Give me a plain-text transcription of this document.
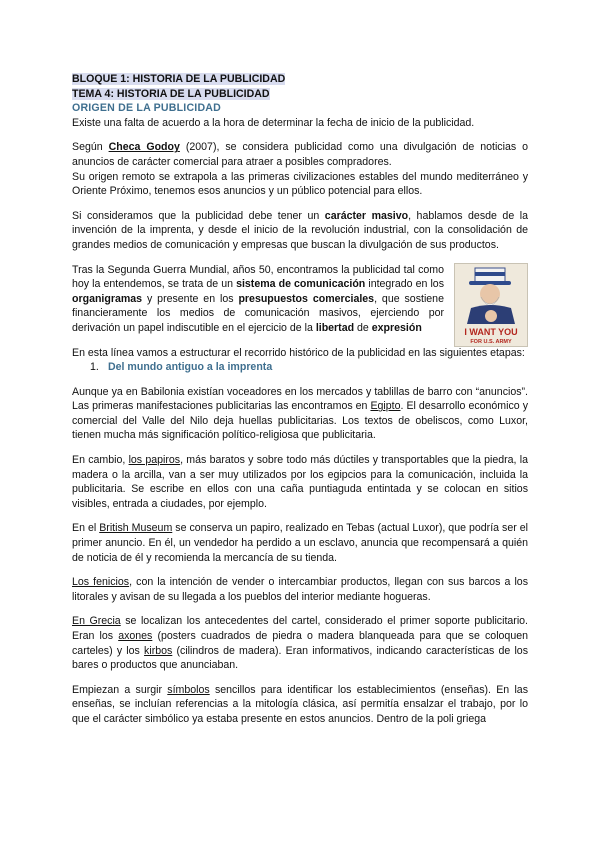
BLOQUE 1: HISTORIA DE LA PUBLICIDAD
TEMA 4: HISTORIA DE LA PUBLICIDAD
ORIGEN DE LA PUBLICIDAD

Existe una falta de acuerdo a la hora de determinar la fecha de inicio de la publicidad.

Según Checa Godoy (2007), se considera publicidad como una divulgación de noticias o anuncios de carácter comercial para atraer a posibles compradores.

Su origen remoto se extrapola a las primeras civilizaciones estables del mundo mediterráneo y Oriente Próximo, tenemos esos anuncios y un público potencial para ellos.

Si consideramos que la publicidad debe tener un carácter masivo, hablamos desde de la invención de la imprenta, y desde el inicio de la revolución industrial, con la consolidación de grandes medios de comunicación y empresas que buscan la divulgación de sus productos.

Tras la Segunda Guerra Mundial, años 50, encontramos la publicidad tal como hoy la entendemos, se trata de un sistema de comunicación integrado en los organigramas y presente en los presupuestos comerciales, que sostiene financieramente los medios de comunicación masivos, ejerciendo por derivación un papel indiscutible en el ejercicio de la libertad de expresión	I WANT YOU
FOR U.S. ARMY

En esta línea vamos a estructurar el recorrido histórico de la publicidad en las siguientes etapas:

1. Del mundo antiguo a la imprenta

Aunque ya en Babilonia existían voceadores en los mercados y tablillas de barro con “anuncios”. Las primeras manifestaciones publicitarias las encontramos en Egipto. El desarrollo económico y comercial del Valle del Nilo deja huellas publicitarias. Los textos de obeliscos, como Luxor, tienen mucha más significación político-religiosa que publicitaria.

En cambio, los papiros, más baratos y sobre todo más dúctiles y transportables que la piedra, la madera o la arcilla, van a ser muy utilizados por los egipcios para la comunicación, incluida la publicitaria. Se escribe en ellos con una caña puntiaguda entintada y se colocan en sitios visibles, entrada a ciudades, por ejemplo.

En el British Museum se conserva un papiro, realizado en Tebas (actual Luxor), que podría ser el primer anuncio. En él, un vendedor ha perdido a un esclavo, anuncia que recompensará a quién de noticia de él y recomienda la mercancía de su tienda.

Los fenicios, con la intención de vender o intercambiar productos, llegan con sus barcos a los litorales y avisan de su llegada a los pueblos del interior mediante hogueras.

En Grecia se localizan los antecedentes del cartel, considerado el primer soporte publicitario. Eran los axones (posters cuadrados de piedra o madera blanqueada para que se coloquen carteles) y los kirbos (cilindros de madera). Eran informativos, indicando características de los bares o productos que anunciaban.

Empiezan a surgir símbolos sencillos para identificar los establecimientos (enseñas). En las enseñas, se incluían referencias a la mitología clásica, así permitía ensalzar el trabajo, por lo que el carácter simbólico ya estaba presente en estos anuncios. Dentro de la poli griega
